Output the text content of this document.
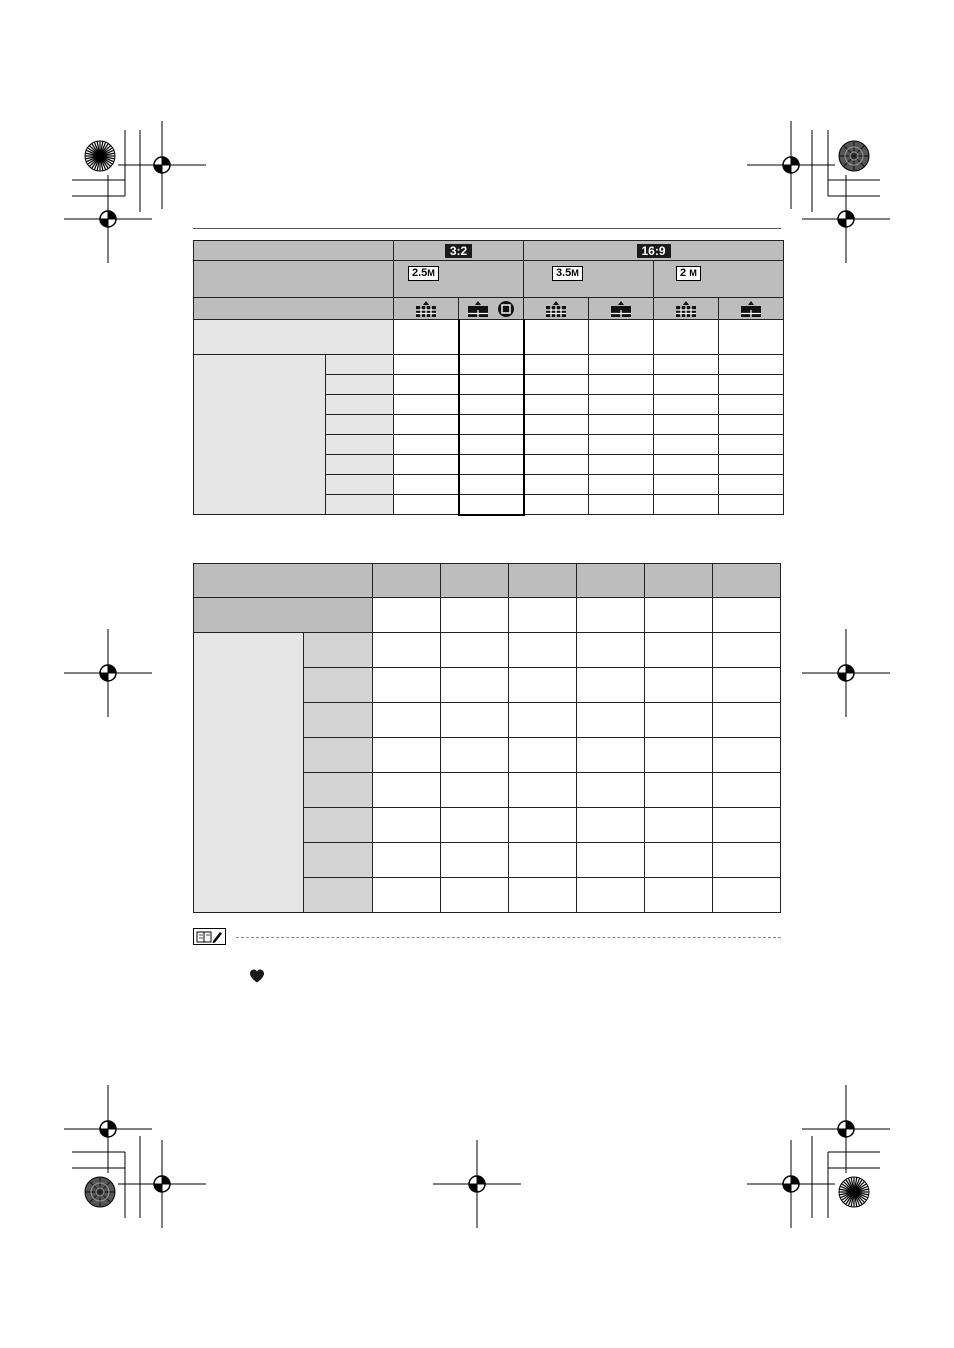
		3:2		16:9			
		2.5M		3.5M		2 M	
